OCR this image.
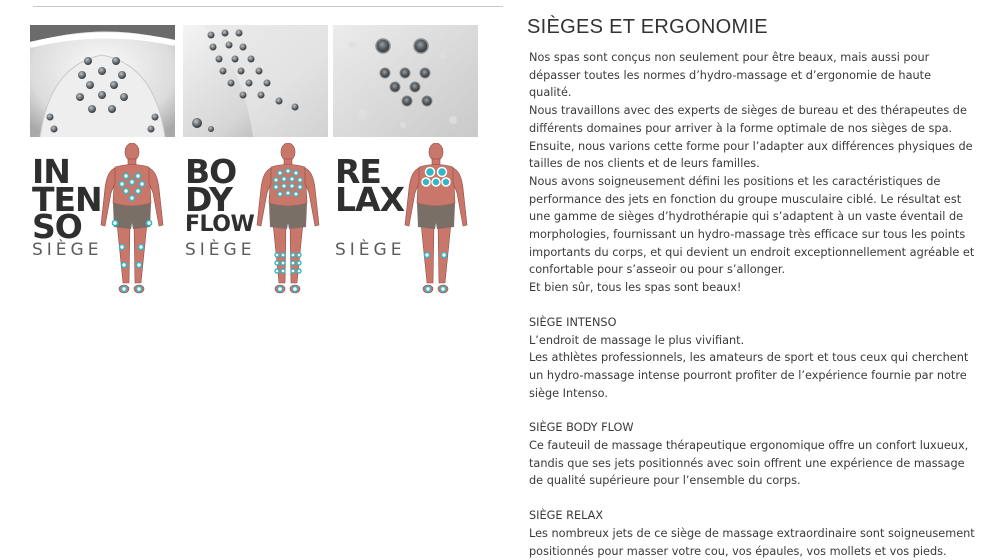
IN
TEN
SO
SIÈGE
BO
DY
FLOW
SIÈGE
RE
LAX
SIÈGE
SIÈGES ET ERGONOMIE

Nos spas sont conçus non seulement pour être beaux, mais aussi pour dépasser toutes les normes d’hydro-massage et d’ergonomie de haute qualité.
Nous travaillons avec des experts de sièges de bureau et des thérapeutes de différents domaines pour arriver à la forme optimale de nos sièges de spa. Ensuite, nous varions cette forme pour l’adapter aux différences physiques de tailles de nos clients et de leurs familles.
Nous avons soigneusement défini les positions et les caractéristiques de performance des jets en fonction du groupe musculaire ciblé. Le résultat est une gamme de sièges d’hydrothérapie qui s’adaptent à un vaste éventail de morphologies, fournissant un hydro-massage très efficace sur tous les points importants du corps, et qui devient un endroit exceptionnellement agréable et confortable pour s’asseoir ou pour s’allonger.
Et bien sûr, tous les spas sont beaux!

SIÈGE INTENSO

L’endroit de massage le plus vivifiant.
Les athlètes professionnels, les amateurs de sport et tous ceux qui cherchent un hydro-massage intense pourront profiter de l’expérience fournie par notre siège Intenso.

SIÈGE BODY FLOW

Ce fauteuil de massage thérapeutique ergonomique offre un confort luxueux, tandis que ses jets positionnés avec soin offrent une expérience de massage de qualité supérieure pour l’ensemble du corps.

SIÈGE RELAX

Les nombreux jets de ce siège de massage extraordinaire sont soigneusement positionnés pour masser votre cou, vos épaules, vos mollets et vos pieds.
